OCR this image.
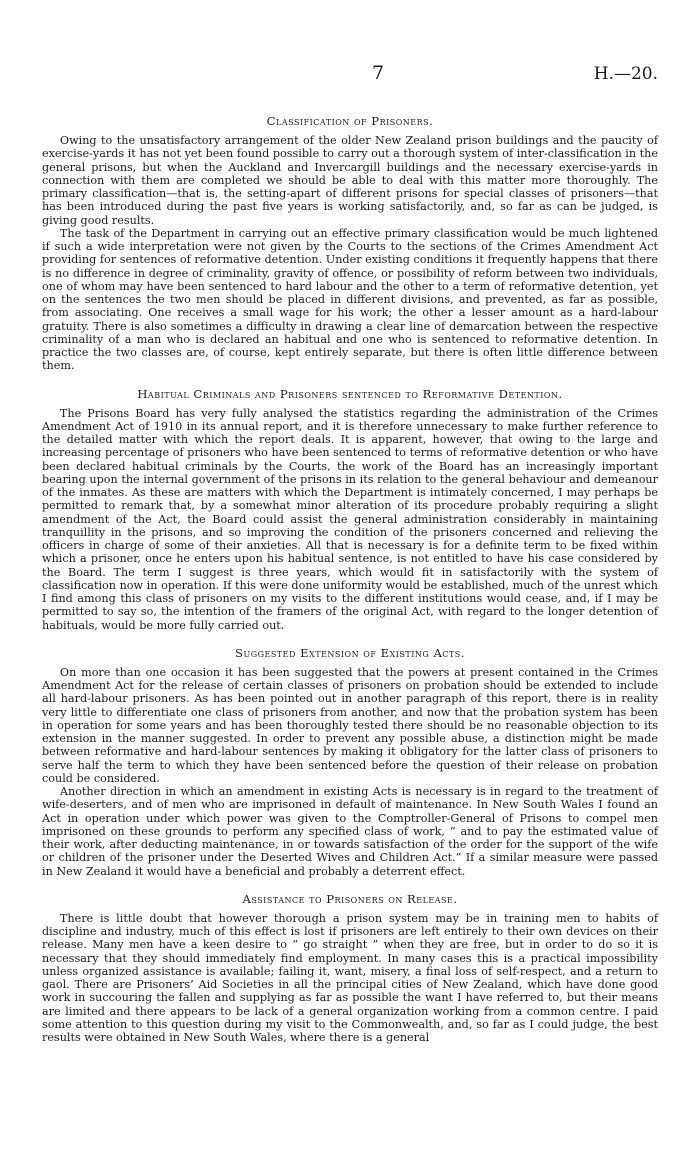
7	H.—20.
Classification of Prisoners.

Owing to the unsatisfactory arrangement of the older New Zealand prison buildings and the paucity of exercise-yards it has not yet been found possible to carry out a thorough system of inter-classification in the general prisons, but when the Auckland and Invercargill buildings and the necessary exercise-yards in connection with them are completed we should be able to deal with this matter more thoroughly. The primary classification—that is, the setting-apart of different prisons for special classes of prisoners—that has been introduced during the past five years is working satisfactorily, and, so far as can be judged, is giving good results.

The task of the Department in carrying out an effective primary classification would be much lightened if such a wide interpretation were not given by the Courts to the sections of the Crimes Amendment Act providing for sentences of reformative detention. Under existing conditions it frequently happens that there is no difference in degree of criminality, gravity of offence, or possibility of reform between two individuals, one of whom may have been sentenced to hard labour and the other to a term of reformative detention, yet on the sentences the two men should be placed in different divisions, and prevented, as far as possible, from associating. One receives a small wage for his work; the other a lesser amount as a hard-labour gratuity. There is also sometimes a difficulty in drawing a clear line of demarcation between the respective criminality of a man who is declared an habitual and one who is sentenced to reformative detention. In practice the two classes are, of course, kept entirely separate, but there is often little difference between them.

Habitual Criminals and Prisoners sentenced to Reformative Detention.

The Prisons Board has very fully analysed the statistics regarding the administration of the Crimes Amendment Act of 1910 in its annual report, and it is therefore unnecessary to make further reference to the detailed matter with which the report deals. It is apparent, however, that owing to the large and increasing percentage of prisoners who have been sentenced to terms of reformative detention or who have been declared habitual criminals by the Courts, the work of the Board has an increasingly important bearing upon the internal government of the prisons in its relation to the general behaviour and demeanour of the inmates. As these are matters with which the Department is intimately concerned, I may perhaps be permitted to remark that, by a somewhat minor alteration of its procedure probably requiring a slight amendment of the Act, the Board could assist the general administration considerably in maintaining tranquillity in the prisons, and so improving the condition of the prisoners concerned and relieving the officers in charge of some of their anxieties. All that is necessary is for a definite term to be fixed within which a prisoner, once he enters upon his habitual sentence, is not entitled to have his case considered by the Board. The term I suggest is three years, which would fit in satisfactorily with the system of classification now in operation. If this were done uniformity would be established, much of the unrest which I find among this class of prisoners on my visits to the different institutions would cease, and, if I may be permitted to say so, the intention of the framers of the original Act, with regard to the longer detention of habituals, would be more fully carried out.

Suggested Extension of Existing Acts.

On more than one occasion it has been suggested that the powers at present contained in the Crimes Amendment Act for the release of certain classes of prisoners on probation should be extended to include all hard-labour prisoners. As has been pointed out in another paragraph of this report, there is in reality very little to differentiate one class of prisoners from another, and now that the probation system has been in operation for some years and has been thoroughly tested there should be no reasonable objection to its extension in the manner suggested. In order to prevent any possible abuse, a distinction might be made between reformative and hard-labour sentences by making it obligatory for the latter class of prisoners to serve half the term to which they have been sentenced before the question of their release on probation could be considered.

Another direction in which an amendment in existing Acts is necessary is in regard to the treatment of wife-deserters, and of men who are imprisoned in default of maintenance. In New South Wales I found an Act in operation under which power was given to the Comptroller-General of Prisons to compel men imprisoned on these grounds to perform any specified class of work, “ and to pay the estimated value of their work, after deducting maintenance, in or towards satisfaction of the order for the support of the wife or children of the prisoner under the Deserted Wives and Children Act.” If a similar measure were passed in New Zealand it would have a beneficial and probably a deterrent effect.

Assistance to Prisoners on Release.

There is little doubt that however thorough a prison system may be in training men to habits of discipline and industry, much of this effect is lost if prisoners are left entirely to their own devices on their release. Many men have a keen desire to “ go straight ” when they are free, but in order to do so it is necessary that they should immediately find employment. In many cases this is a practical impossibility unless organized assistance is available; failing it, want, misery, a final loss of self-respect, and a return to gaol. There are Prisoners’ Aid Societies in all the principal cities of New Zealand, which have done good work in succouring the fallen and supplying as far as possible the want I have referred to, but their means are limited and there appears to be lack of a general organization working from a common centre. I paid some attention to this question during my visit to the Commonwealth, and, so far as I could judge, the best results were obtained in New South Wales, where there is a general
